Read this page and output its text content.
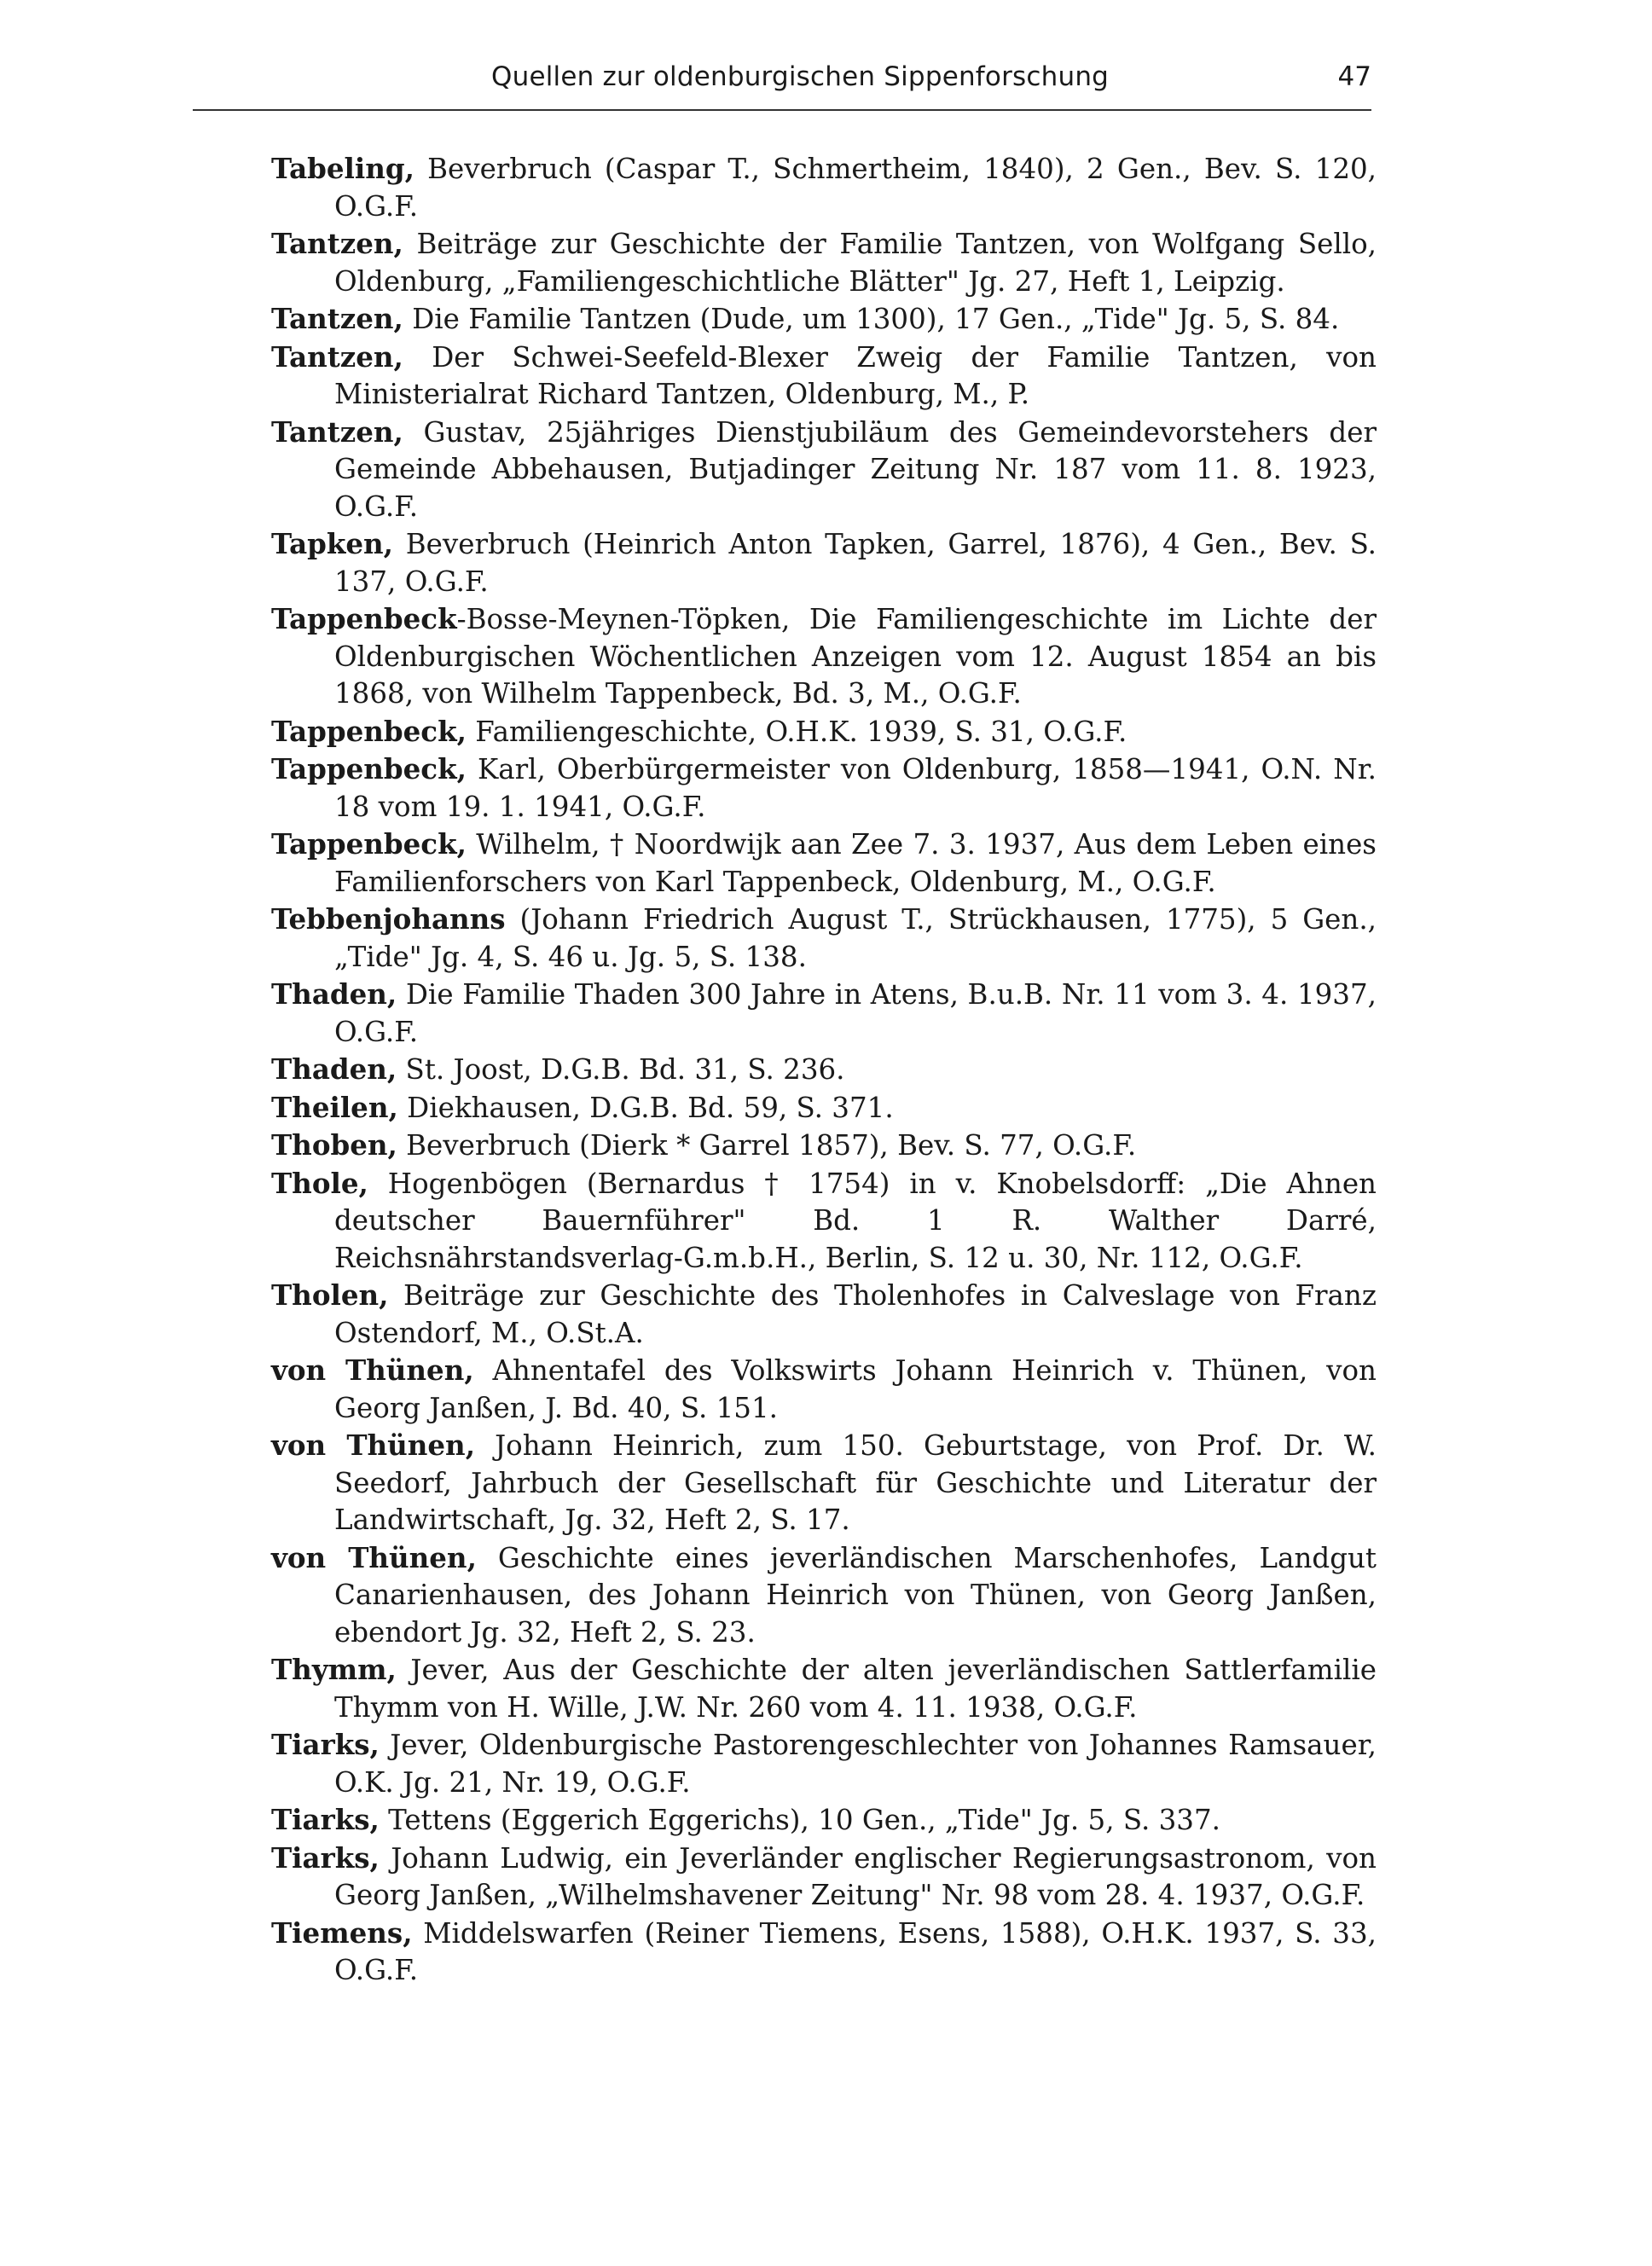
Quellen zur oldenburgischen Sippenforschung	47
Tabeling, Beverbruch (Caspar T., Schmertheim, 1840), 2 Gen., Bev. S. 120, O.G.F.
Tantzen, Beiträge zur Geschichte der Familie Tantzen, von Wolfgang Sello, Oldenburg, „Familiengeschichtliche Blätter" Jg. 27, Heft 1, Leipzig.
Tantzen, Die Familie Tantzen (Dude, um 1300), 17 Gen., „Tide" Jg. 5, S. 84.
Tantzen, Der Schwei-Seefeld-Blexer Zweig der Familie Tantzen, von Ministerialrat Richard Tantzen, Oldenburg, M., P.
Tantzen, Gustav, 25jähriges Dienstjubiläum des Gemeindevorstehers der Gemeinde Abbehausen, Butjadinger Zeitung Nr. 187 vom 11. 8. 1923, O.G.F.
Tapken, Beverbruch (Heinrich Anton Tapken, Garrel, 1876), 4 Gen., Bev. S. 137, O.G.F.
Tappenbeck-Bosse-Meynen-Töpken, Die Familiengeschichte im Lichte der Oldenburgischen Wöchentlichen Anzeigen vom 12. August 1854 an bis 1868, von Wilhelm Tappenbeck, Bd. 3, M., O.G.F.
Tappenbeck, Familiengeschichte, O.H.K. 1939, S. 31, O.G.F.
Tappenbeck, Karl, Oberbürgermeister von Oldenburg, 1858—1941, O.N. Nr. 18 vom 19. 1. 1941, O.G.F.
Tappenbeck, Wilhelm, † Noordwijk aan Zee 7. 3. 1937, Aus dem Leben eines Familienforschers von Karl Tappenbeck, Oldenburg, M., O.G.F.
Tebbenjohanns (Johann Friedrich August T., Strückhausen, 1775), 5 Gen., „Tide" Jg. 4, S. 46 u. Jg. 5, S. 138.
Thaden, Die Familie Thaden 300 Jahre in Atens, B.u.B. Nr. 11 vom 3. 4. 1937, O.G.F.
Thaden, St. Joost, D.G.B. Bd. 31, S. 236.
Theilen, Diekhausen, D.G.B. Bd. 59, S. 371.
Thoben, Beverbruch (Dierk * Garrel 1857), Bev. S. 77, O.G.F.
Thole, Hogenbögen (Bernardus † 1754) in v. Knobelsdorff: „Die Ahnen deutscher Bauernführer" Bd. 1 R. Walther Darré, Reichsnährstandsverlag-G.m.b.H., Berlin, S. 12 u. 30, Nr. 112, O.G.F.
Tholen, Beiträge zur Geschichte des Tholenhofes in Calveslage von Franz Ostendorf, M., O.St.A.
von Thünen, Ahnentafel des Volkswirts Johann Heinrich v. Thünen, von Georg Janßen, J. Bd. 40, S. 151.
von Thünen, Johann Heinrich, zum 150. Geburtstage, von Prof. Dr. W. Seedorf, Jahrbuch der Gesellschaft für Geschichte und Literatur der Landwirtschaft, Jg. 32, Heft 2, S. 17.
von Thünen, Geschichte eines jeverländischen Marschenhofes, Landgut Canarienhausen, des Johann Heinrich von Thünen, von Georg Janßen, ebendort Jg. 32, Heft 2, S. 23.
Thymm, Jever, Aus der Geschichte der alten jeverländischen Sattlerfamilie Thymm von H. Wille, J.W. Nr. 260 vom 4. 11. 1938, O.G.F.
Tiarks, Jever, Oldenburgische Pastorengeschlechter von Johannes Ramsauer, O.K. Jg. 21, Nr. 19, O.G.F.
Tiarks, Tettens (Eggerich Eggerichs), 10 Gen., „Tide" Jg. 5, S. 337.
Tiarks, Johann Ludwig, ein Jeverländer englischer Regierungsastronom, von Georg Janßen, „Wilhelmshavener Zeitung" Nr. 98 vom 28. 4. 1937, O.G.F.
Tiemens, Middelswarfen (Reiner Tiemens, Esens, 1588), O.H.K. 1937, S. 33, O.G.F.
